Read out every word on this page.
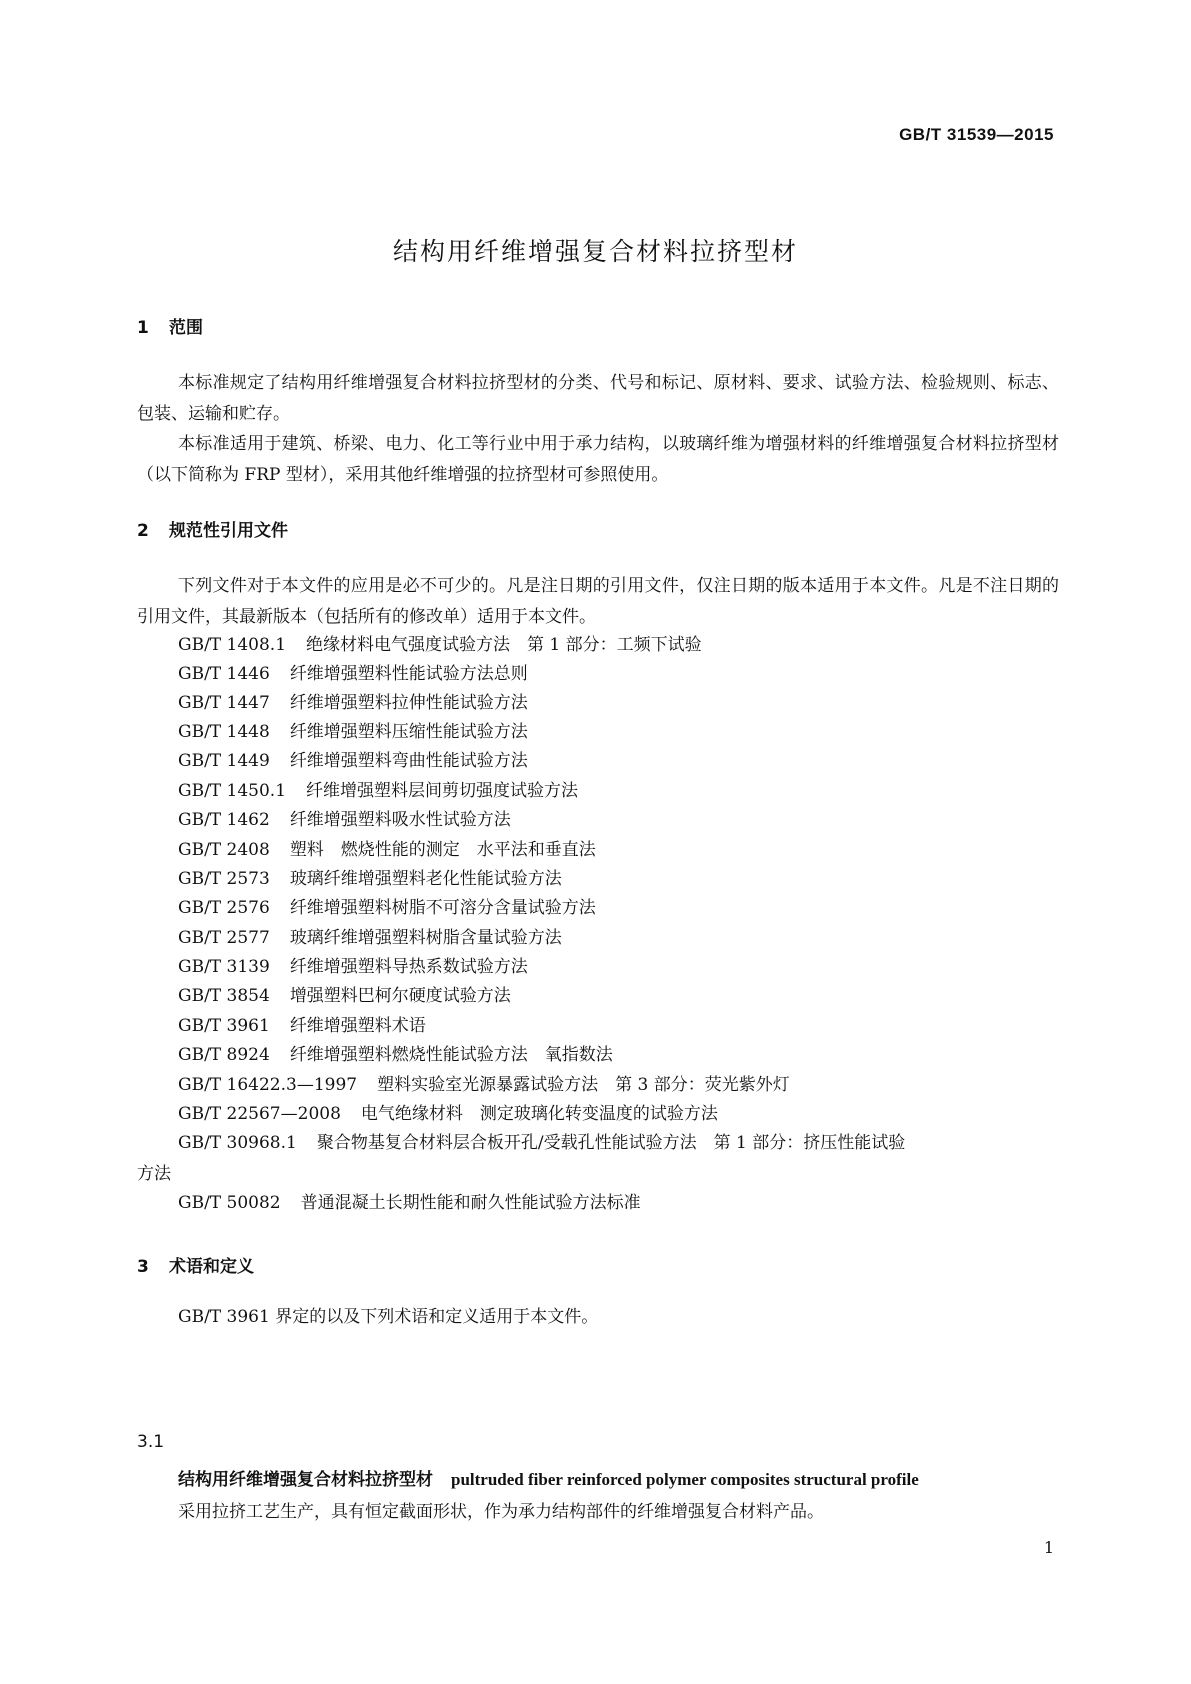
GB/T 31539—2015
结构用纤维增强复合材料拉挤型材
1 范围
本标准规定了结构用纤维增强复合材料拉挤型材的分类、代号和标记、原材料、要求、试验方法、检验规则、标志、包装、运输和贮存。
本标准适用于建筑、桥梁、电力、化工等行业中用于承力结构，以玻璃纤维为增强材料的纤维增强复合材料拉挤型材（以下简称为 FRP 型材），采用其他纤维增强的拉挤型材可参照使用。
2 规范性引用文件
下列文件对于本文件的应用是必不可少的。凡是注日期的引用文件，仅注日期的版本适用于本文件。凡是不注日期的引用文件，其最新版本（包括所有的修改单）适用于本文件。
GB/T 1408.1 绝缘材料电气强度试验方法　第 1 部分：工频下试验
GB/T 1446 纤维增强塑料性能试验方法总则
GB/T 1447 纤维增强塑料拉伸性能试验方法
GB/T 1448 纤维增强塑料压缩性能试验方法
GB/T 1449 纤维增强塑料弯曲性能试验方法
GB/T 1450.1 纤维增强塑料层间剪切强度试验方法
GB/T 1462 纤维增强塑料吸水性试验方法
GB/T 2408 塑料　燃烧性能的测定　水平法和垂直法
GB/T 2573 玻璃纤维增强塑料老化性能试验方法
GB/T 2576 纤维增强塑料树脂不可溶分含量试验方法
GB/T 2577 玻璃纤维增强塑料树脂含量试验方法
GB/T 3139 纤维增强塑料导热系数试验方法
GB/T 3854 增强塑料巴柯尔硬度试验方法
GB/T 3961 纤维增强塑料术语
GB/T 8924 纤维增强塑料燃烧性能试验方法　氧指数法
GB/T 16422.3—1997 塑料实验室光源暴露试验方法　第 3 部分：荧光紫外灯
GB/T 22567—2008 电气绝缘材料　测定玻璃化转变温度的试验方法
GB/T 30968.1 聚合物基复合材料层合板开孔/受载孔性能试验方法　第 1 部分：挤压性能试验
方法
GB/T 50082 普通混凝土长期性能和耐久性能试验方法标准
3 术语和定义
GB/T 3961 界定的以及下列术语和定义适用于本文件。
3.1
结构用纤维增强复合材料拉挤型材 pultruded fiber reinforced polymer composites structural profile
采用拉挤工艺生产，具有恒定截面形状，作为承力结构部件的纤维增强复合材料产品。
1
